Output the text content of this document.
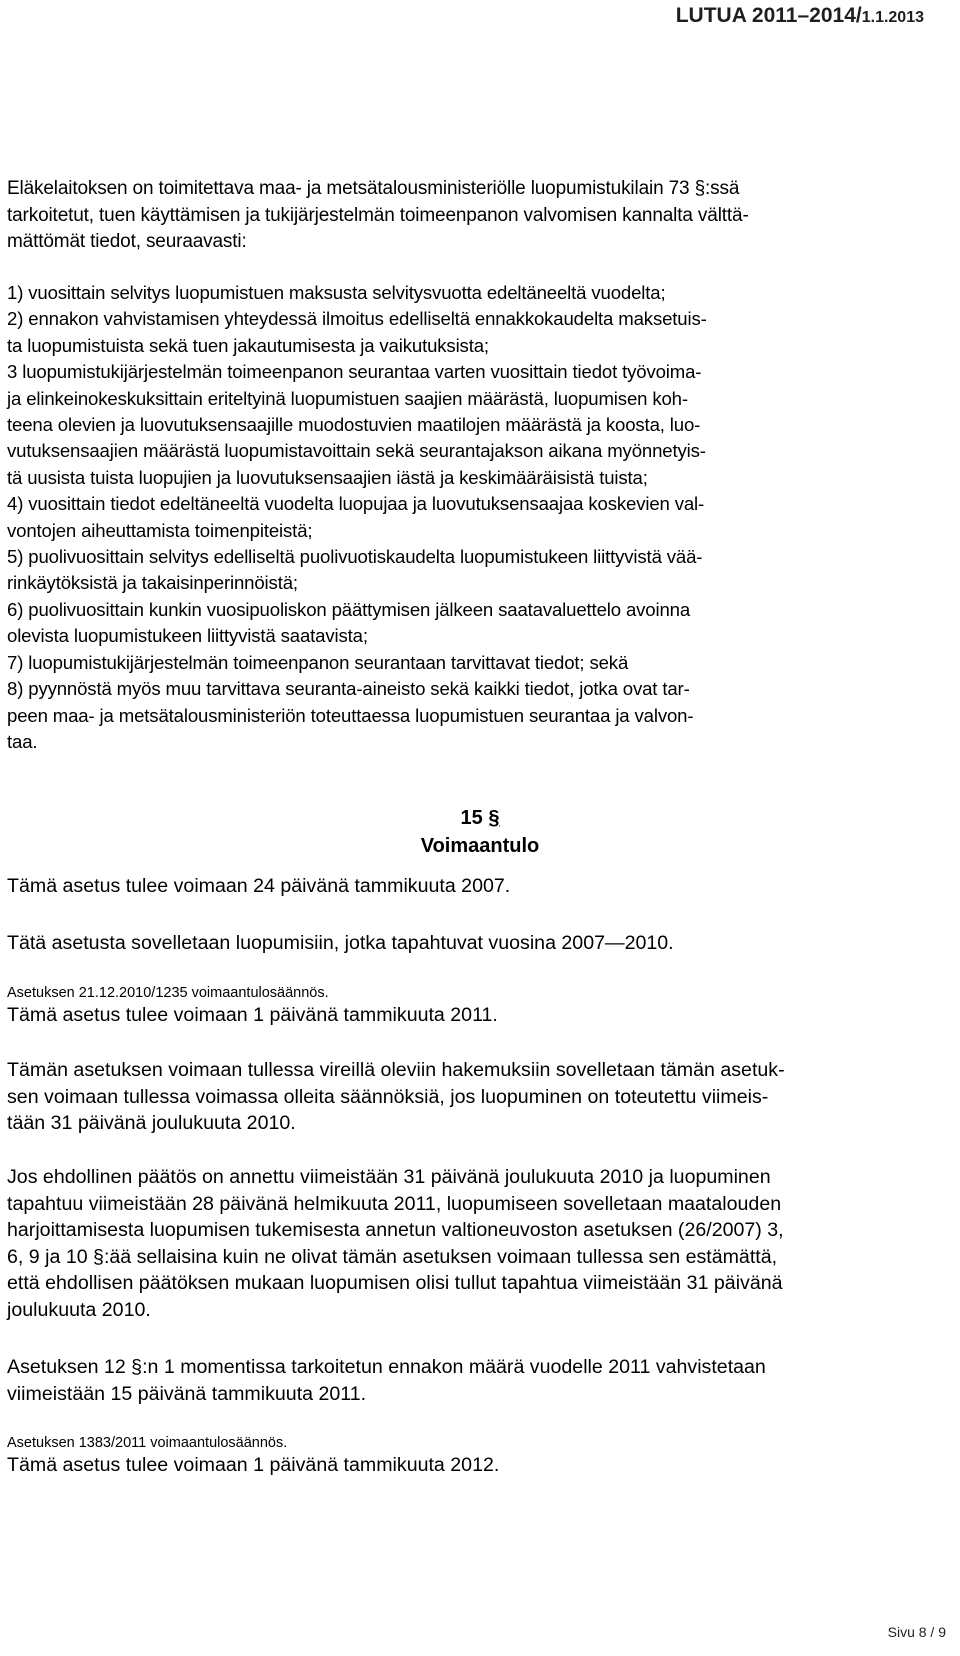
LUTUA 2011–2014/1.1.2013
Eläkelaitoksen on toimitettava maa- ja metsätalousministeriölle luopumistukilain 73 §:ssä
tarkoitetut, tuen käyttämisen ja tukijärjestelmän toimeenpanon valvomisen kannalta välttä-
mättömät tiedot, seuraavasti:
1) vuosittain selvitys luopumistuen maksusta selvitysvuotta edeltäneeltä vuodelta;
2) ennakon vahvistamisen yhteydessä ilmoitus edelliseltä ennakkokaudelta maksetuis-
ta luopumistuista sekä tuen jakautumisesta ja vaikutuksista;
3 luopumistukijärjestelmän toimeenpanon seurantaa varten vuosittain tiedot työvoima-
ja elinkeinokeskuksittain eriteltyinä luopumistuen saajien määrästä, luopumisen koh-
teena olevien ja luovutuksensaajille muodostuvien maatilojen määrästä ja koosta, luo-
vutuksensaajien määrästä luopumistavoittain sekä seurantajakson aikana myönnetyis-
tä uusista tuista luopujien ja luovutuksensaajien iästä ja keskimääräisistä tuista;
4) vuosittain tiedot edeltäneeltä vuodelta luopujaa ja luovutuksensaajaa koskevien val-
vontojen aiheuttamista toimenpiteistä;
5) puolivuosittain selvitys edelliseltä puolivuotiskaudelta luopumistukeen liittyvistä vää-
rinkäytöksistä ja takaisinperinnöistä;
6) puolivuosittain kunkin vuosipuoliskon päättymisen jälkeen saatavaluettelo avoinna
olevista luopumistukeen liittyvistä saatavista;
7) luopumistukijärjestelmän toimeenpanon seurantaan tarvittavat tiedot; sekä
8) pyynnöstä myös muu tarvittava seuranta-aineisto sekä kaikki tiedot, jotka ovat tar-
peen maa- ja metsätalousministeriön toteuttaessa luopumistuen seurantaa ja valvon-
taa.
15 §
Voimaantulo
Tämä asetus tulee voimaan 24 päivänä tammikuuta 2007.
Tätä asetusta sovelletaan luopumisiin, jotka tapahtuvat vuosina 2007—2010.
Asetuksen 21.12.2010/1235 voimaantulosäännös.
Tämä asetus tulee voimaan 1 päivänä tammikuuta 2011.
Tämän asetuksen voimaan tullessa vireillä oleviin hakemuksiin sovelletaan tämän asetuk-
sen voimaan tullessa voimassa olleita säännöksiä, jos luopuminen on toteutettu viimeis-
tään 31 päivänä joulukuuta 2010.
Jos ehdollinen päätös on annettu viimeistään 31 päivänä joulukuuta 2010 ja luopuminen
tapahtuu viimeistään 28 päivänä helmikuuta 2011, luopumiseen sovelletaan maatalouden
harjoittamisesta luopumisen tukemisesta annetun valtioneuvoston asetuksen (26/2007) 3,
6, 9 ja 10 §:ää sellaisina kuin ne olivat tämän asetuksen voimaan tullessa sen estämättä,
että ehdollisen päätöksen mukaan luopumisen olisi tullut tapahtua viimeistään 31 päivänä
joulukuuta 2010.
Asetuksen 12 §:n 1 momentissa tarkoitetun ennakon määrä vuodelle 2011 vahvistetaan
viimeistään 15 päivänä tammikuuta 2011.
Asetuksen 1383/2011 voimaantulosäännös.
Tämä asetus tulee voimaan 1 päivänä tammikuuta 2012.
Sivu 8 / 9
